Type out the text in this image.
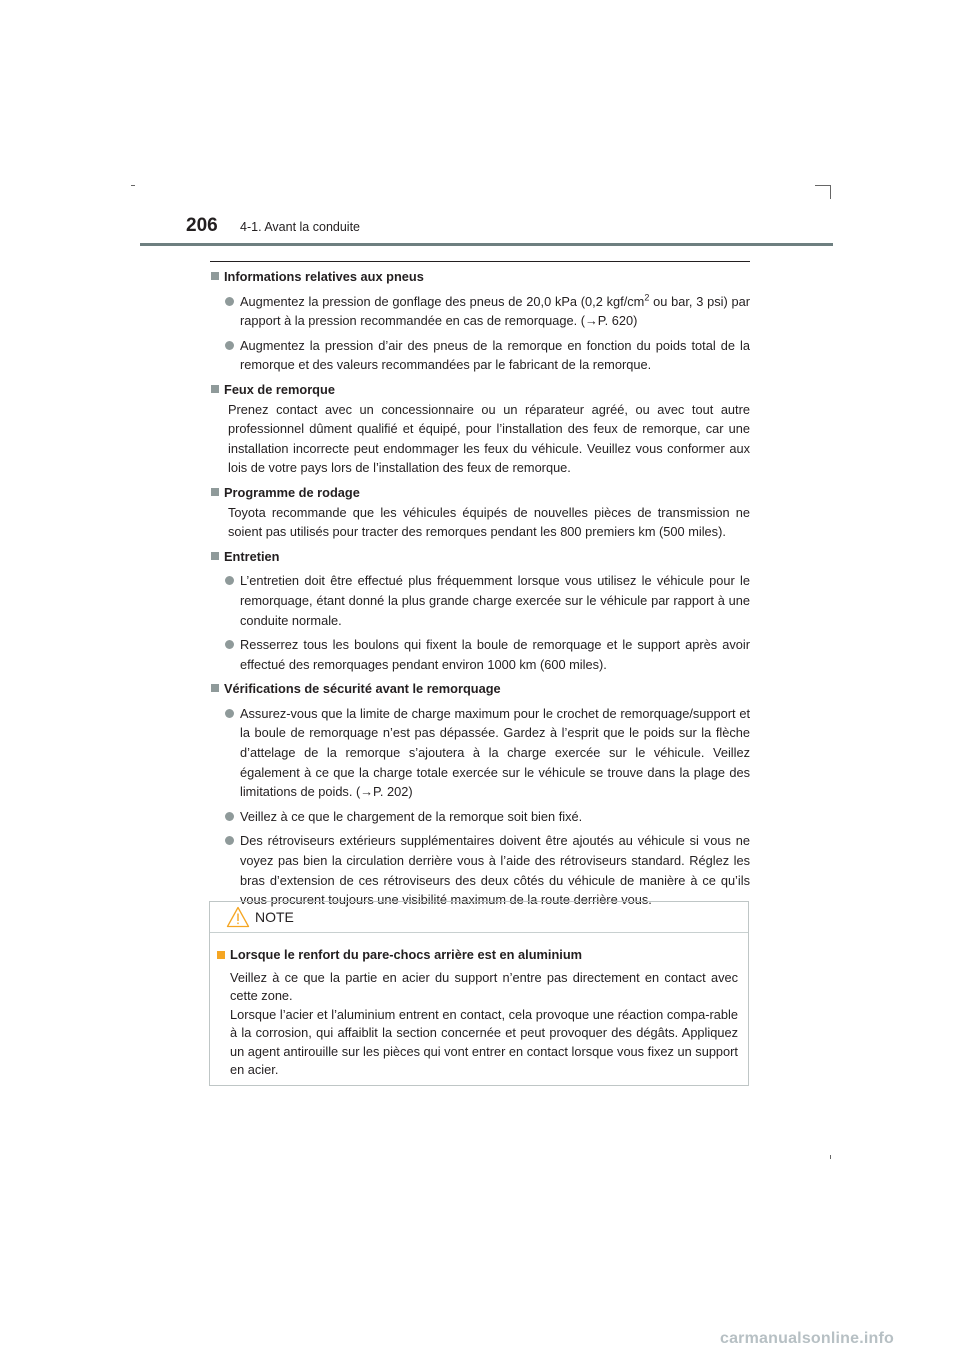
206 4-1. Avant la conduite
Informations relatives aux pneus
Augmentez la pression de gonflage des pneus de 20,0 kPa (0,2 kgf/$cm^2$ ou bar, 3 psi) par rapport à la pression recommandée en cas de remorquage. (→P. 620)
Augmentez la pression d’air des pneus de la remorque en fonction du poids total de la remorque et des valeurs recommandées par le fabricant de la remorque.
Feux de remorque
Prenez contact avec un concessionnaire ou un réparateur agréé, ou avec tout autre professionnel dûment qualifié et équipé, pour l’installation des feux de remorque, car une installation incorrecte peut endommager les feux du véhicule. Veuillez vous conformer aux lois de votre pays lors de l’installation des feux de remorque.
Programme de rodage
Toyota recommande que les véhicules équipés de nouvelles pièces de transmission ne soient pas utilisés pour tracter des remorques pendant les 800 premiers km (500 miles).
Entretien
L’entretien doit être effectué plus fréquemment lorsque vous utilisez le véhicule pour le remorquage, étant donné la plus grande charge exercée sur le véhicule par rapport à une conduite normale.
Resserrez tous les boulons qui fixent la boule de remorquage et le support après avoir effectué des remorquages pendant environ 1000 km (600 miles).
Vérifications de sécurité avant le remorquage
Assurez-vous que la limite de charge maximum pour le crochet de remorquage/support et la boule de remorquage n’est pas dépassée. Gardez à l’esprit que le poids sur la flèche d’attelage de la remorque s’ajoutera à la charge exercée sur le véhicule. Veillez également à ce que la charge totale exercée sur le véhicule se trouve dans la plage des limitations de poids. (→P. 202)
Veillez à ce que le chargement de la remorque soit bien fixé.
Des rétroviseurs extérieurs supplémentaires doivent être ajoutés au véhicule si vous ne voyez pas bien la circulation derrière vous à l’aide des rétroviseurs standard. Réglez les bras d’extension de ces rétroviseurs des deux côtés du véhicule de manière à ce qu’ils vous procurent toujours une visibilité maximum de la route derrière vous.
NOTE
Lorsque le renfort du pare-chocs arrière est en aluminium
Veillez à ce que la partie en acier du support n’entre pas directement en contact avec cette zone.
Lorsque l’acier et l’aluminium entrent en contact, cela provoque une réaction compa-rable à la corrosion, qui affaiblit la section concernée et peut provoquer des dégâts. Appliquez un agent antirouille sur les pièces qui vont entrer en contact lorsque vous fixez un support en acier.
carmanualsonline.info
